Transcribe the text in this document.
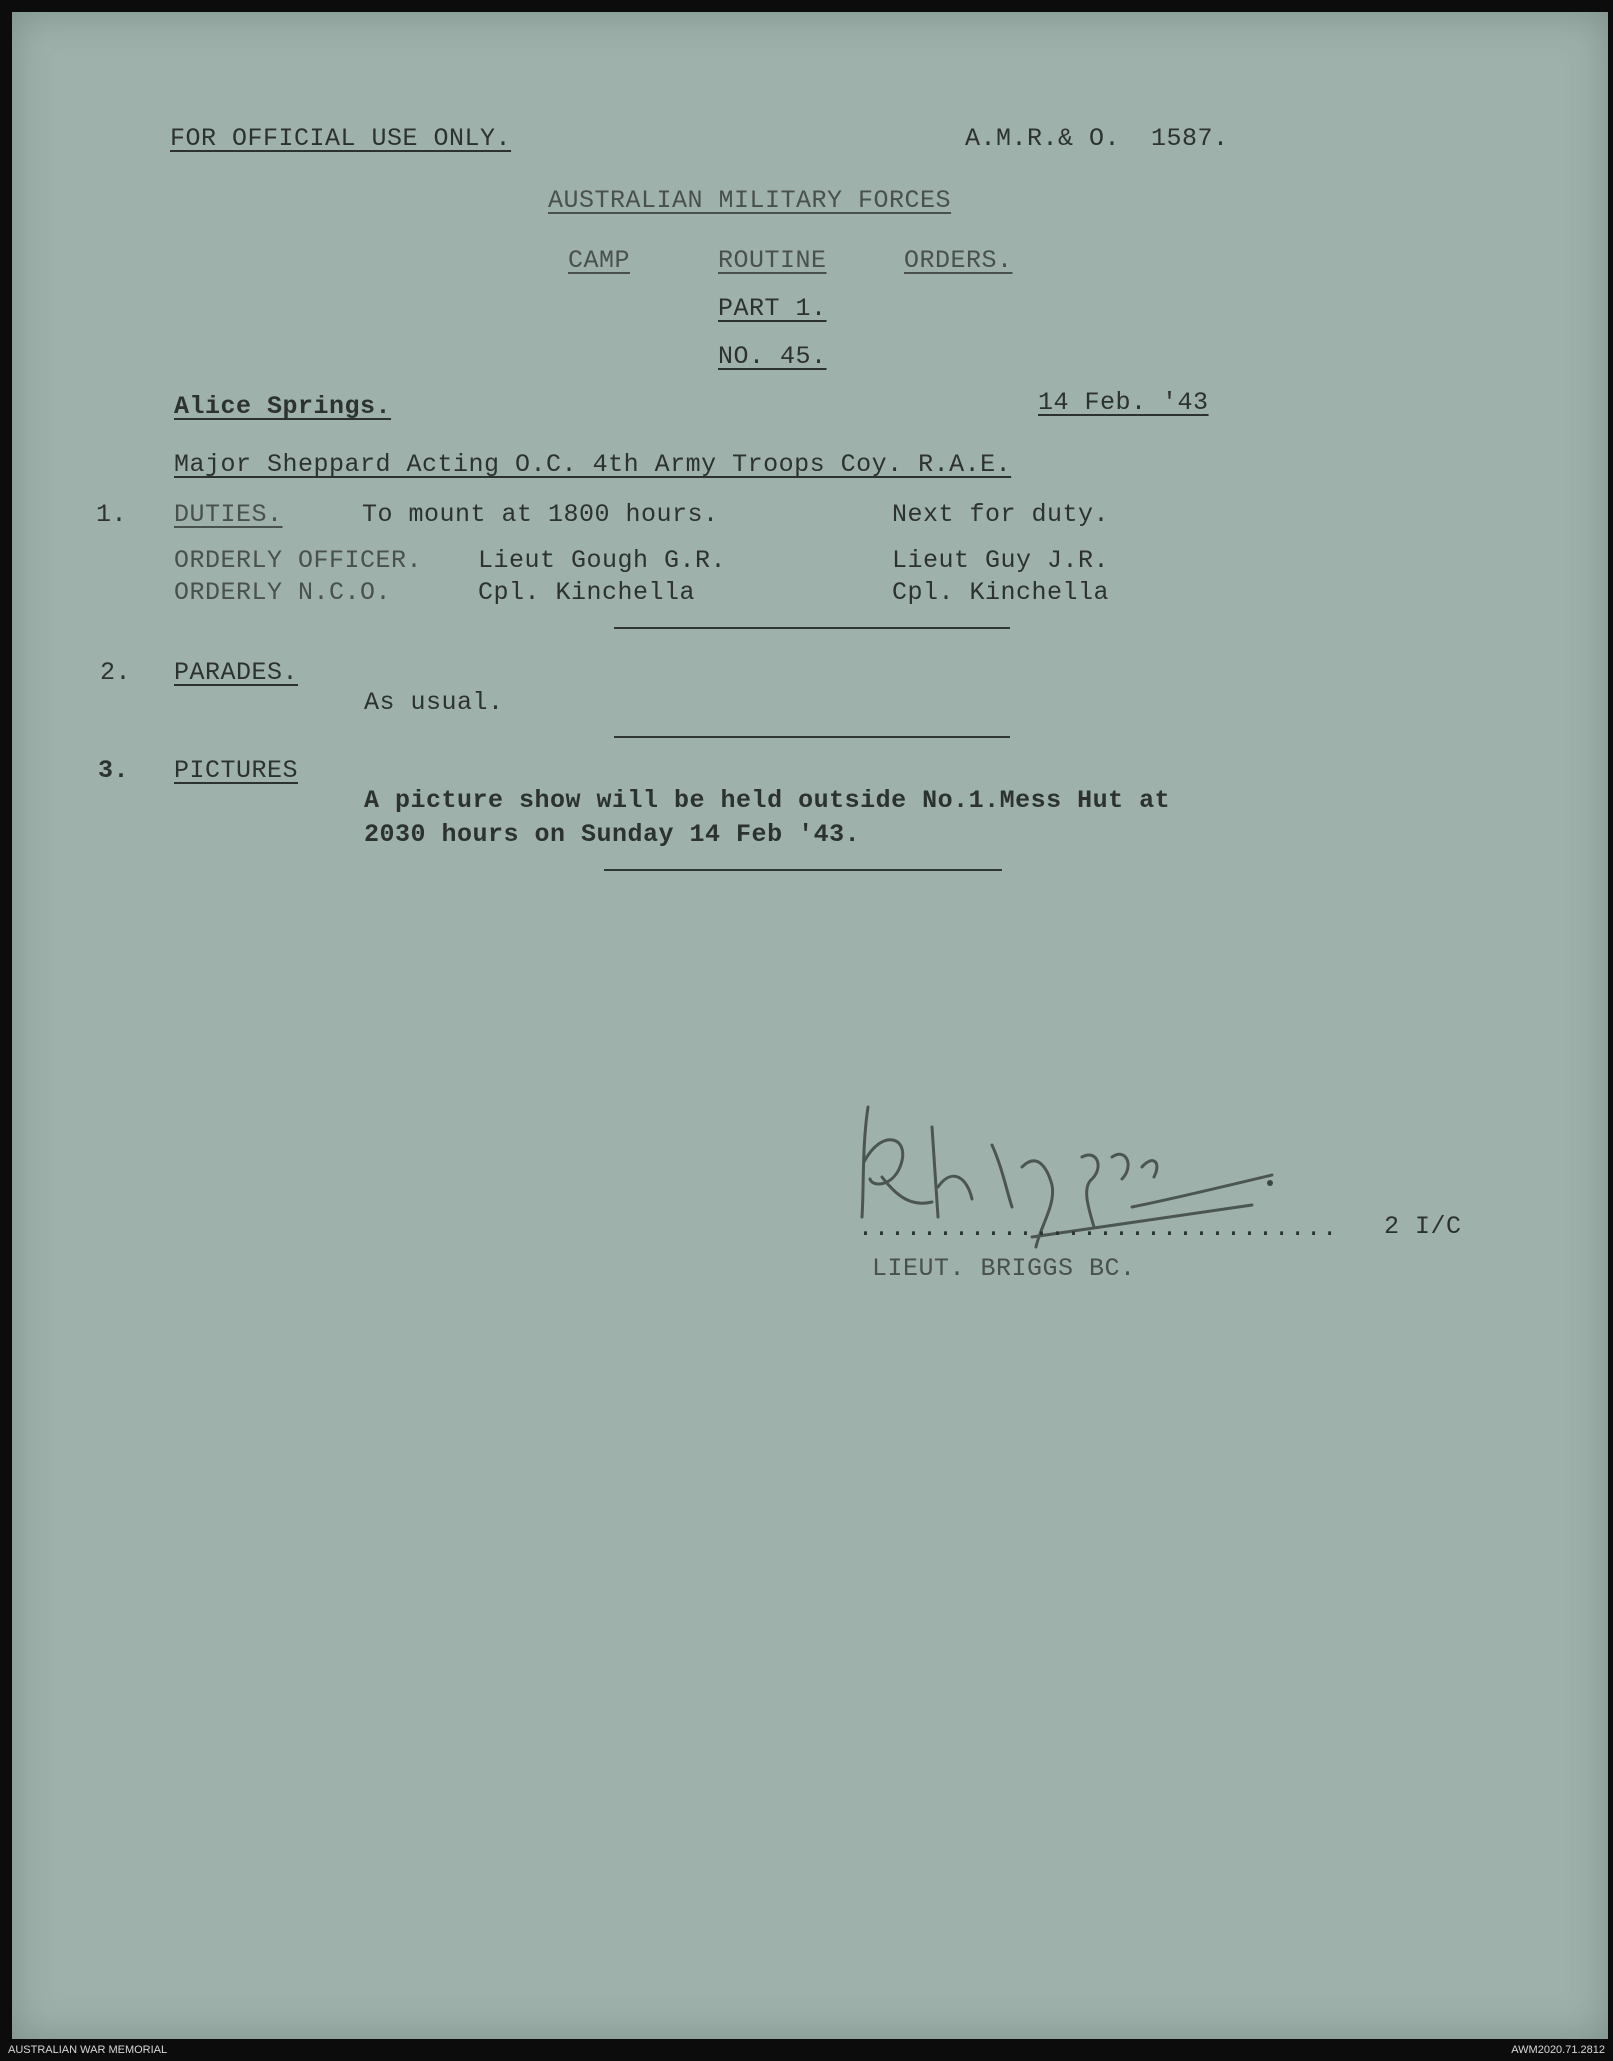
FOR OFFICIAL USE ONLY.	A.M.R.& O.  1587.
AUSTRALIAN MILITARY FORCES
CAMP	ROUTINE	ORDERS.
PART 1.
NO. 45.
Alice Springs.	14 Feb. '43
Major Sheppard Acting O.C. 4th Army Troops Coy. R.A.E.
1. DUTIES.	To mount at 1800 hours.	Next for duty.
ORDERLY OFFICER. Lieut Gough G.R.	Lieut Guy J.R.
ORDERLY N.C.O.	Cpl. Kinchella	Cpl. Kinchella
2. PARADES.
As usual.
3. PICTURES
A picture show will be held outside No.1.Mess Hut at
2030 hours on Sunday 14 Feb '43.
.............................. 2 I/C
LIEUT. BRIGGS BC.
AUSTRALIAN WAR MEMORIAL	AWM2020.71.2812
